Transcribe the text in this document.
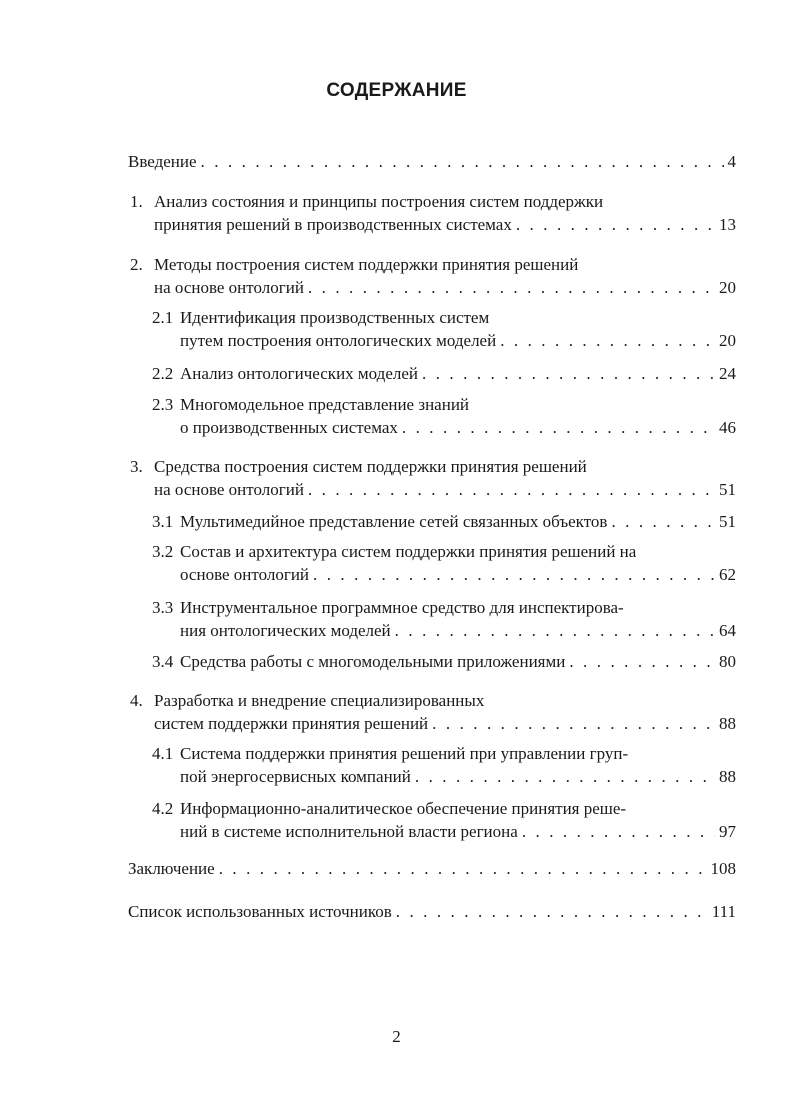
СОДЕРЖАНИЕ
Введение . . .	4
1. Анализ состояния и принципы построения систем поддержки
принятия решений в производственных системах . . .	13
2. Методы построения систем поддержки принятия решений
на основе онтологий . . .	20
2.1 Идентификация производственных систем
путем построения онтологических моделей . . .	20
2.2 Анализ онтологических моделей . . .	24
2.3 Многомодельное представление знаний
о производственных системах . . .	46
3. Средства построения систем поддержки принятия решений
на основе онтологий . . .	51
3.1 Мультимедийное представление сетей связанных объектов . . .	51
3.2 Состав и архитектура систем поддержки принятия решений на
основе онтологий . . .	62
3.3 Инструментальное программное средство для инспектирова-
ния онтологических моделей . . .	64
3.4 Средства работы с многомодельными приложениями . . .	80
4. Разработка и внедрение специализированных
систем поддержки принятия решений . . .	88
4.1 Система поддержки принятия решений при управлении груп-
пой энергосервисных компаний . . .	88
4.2 Информационно-аналитическое обеспечение принятия реше-
ний в системе исполнительной власти региона . . .	97
Заключение . . .	108
Список использованных источников . . .	111
2
